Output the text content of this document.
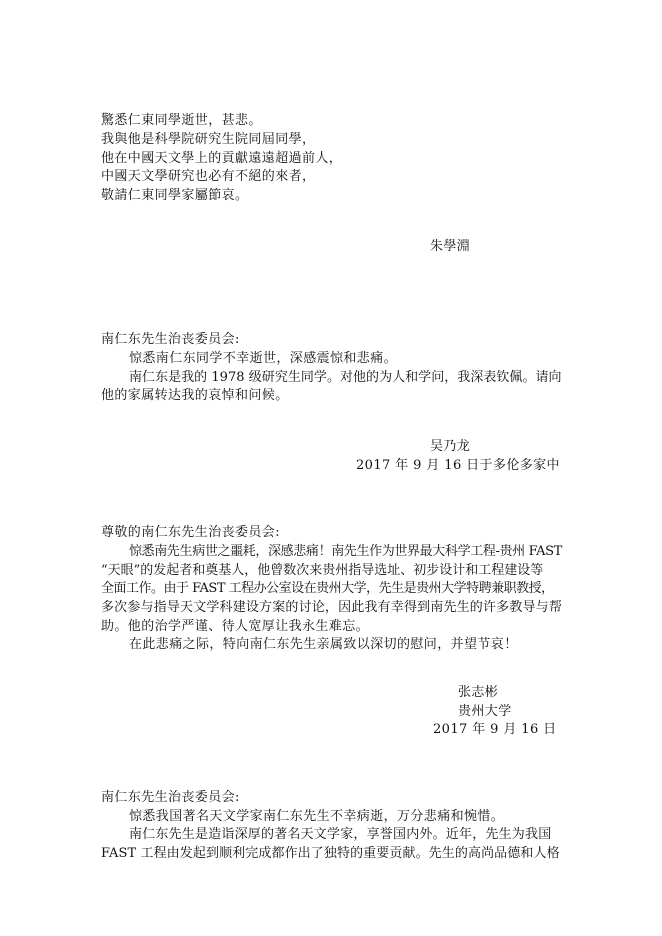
驚悉仁東同學逝世，甚悲。
我與他是科學院研究生院同屆同學，
他在中國天文學上的貢獻遠遠超過前人，
中國天文學研究也必有不絕的來者，
敬請仁東同學家屬節哀。
朱學淵
南仁东先生治丧委员会:
惊悉南仁东同学不幸逝世，深感震惊和悲痛。
南仁东是我的 1978 级研究生同学。对他的为人和学问，我深表钦佩。请向
他的家属转达我的哀悼和问候。
吴乃龙
2017 年 9 月 16 日于多伦多家中
尊敬的南仁东先生治丧委员会:
惊悉南先生病世之噩耗，深感悲痛！南先生作为世界最大科学工程-贵州 FAST
“天眼”的发起者和奠基人，他曾数次来贵州指导选址、初步设计和工程建设等
全面工作。由于 FAST 工程办公室设在贵州大学，先生是贵州大学特聘兼职教授，
多次参与指导天文学科建设方案的讨论，因此我有幸得到南先生的许多教导与帮
助。他的治学严谨、待人宽厚让我永生难忘。
在此悲痛之际，特向南仁东先生亲属致以深切的慰问，并望节哀！
张志彬
贵州大学
2017 年 9 月 16 日
南仁东先生治丧委员会:
惊悉我国著名天文学家南仁东先生不幸病逝，万分悲痛和惋惜。
南仁东先生是造诣深厚的著名天文学家，享誉国内外。近年，先生为我国
FAST 工程由发起到顺利完成都作出了独特的重要贡献。先生的高尚品德和人格
